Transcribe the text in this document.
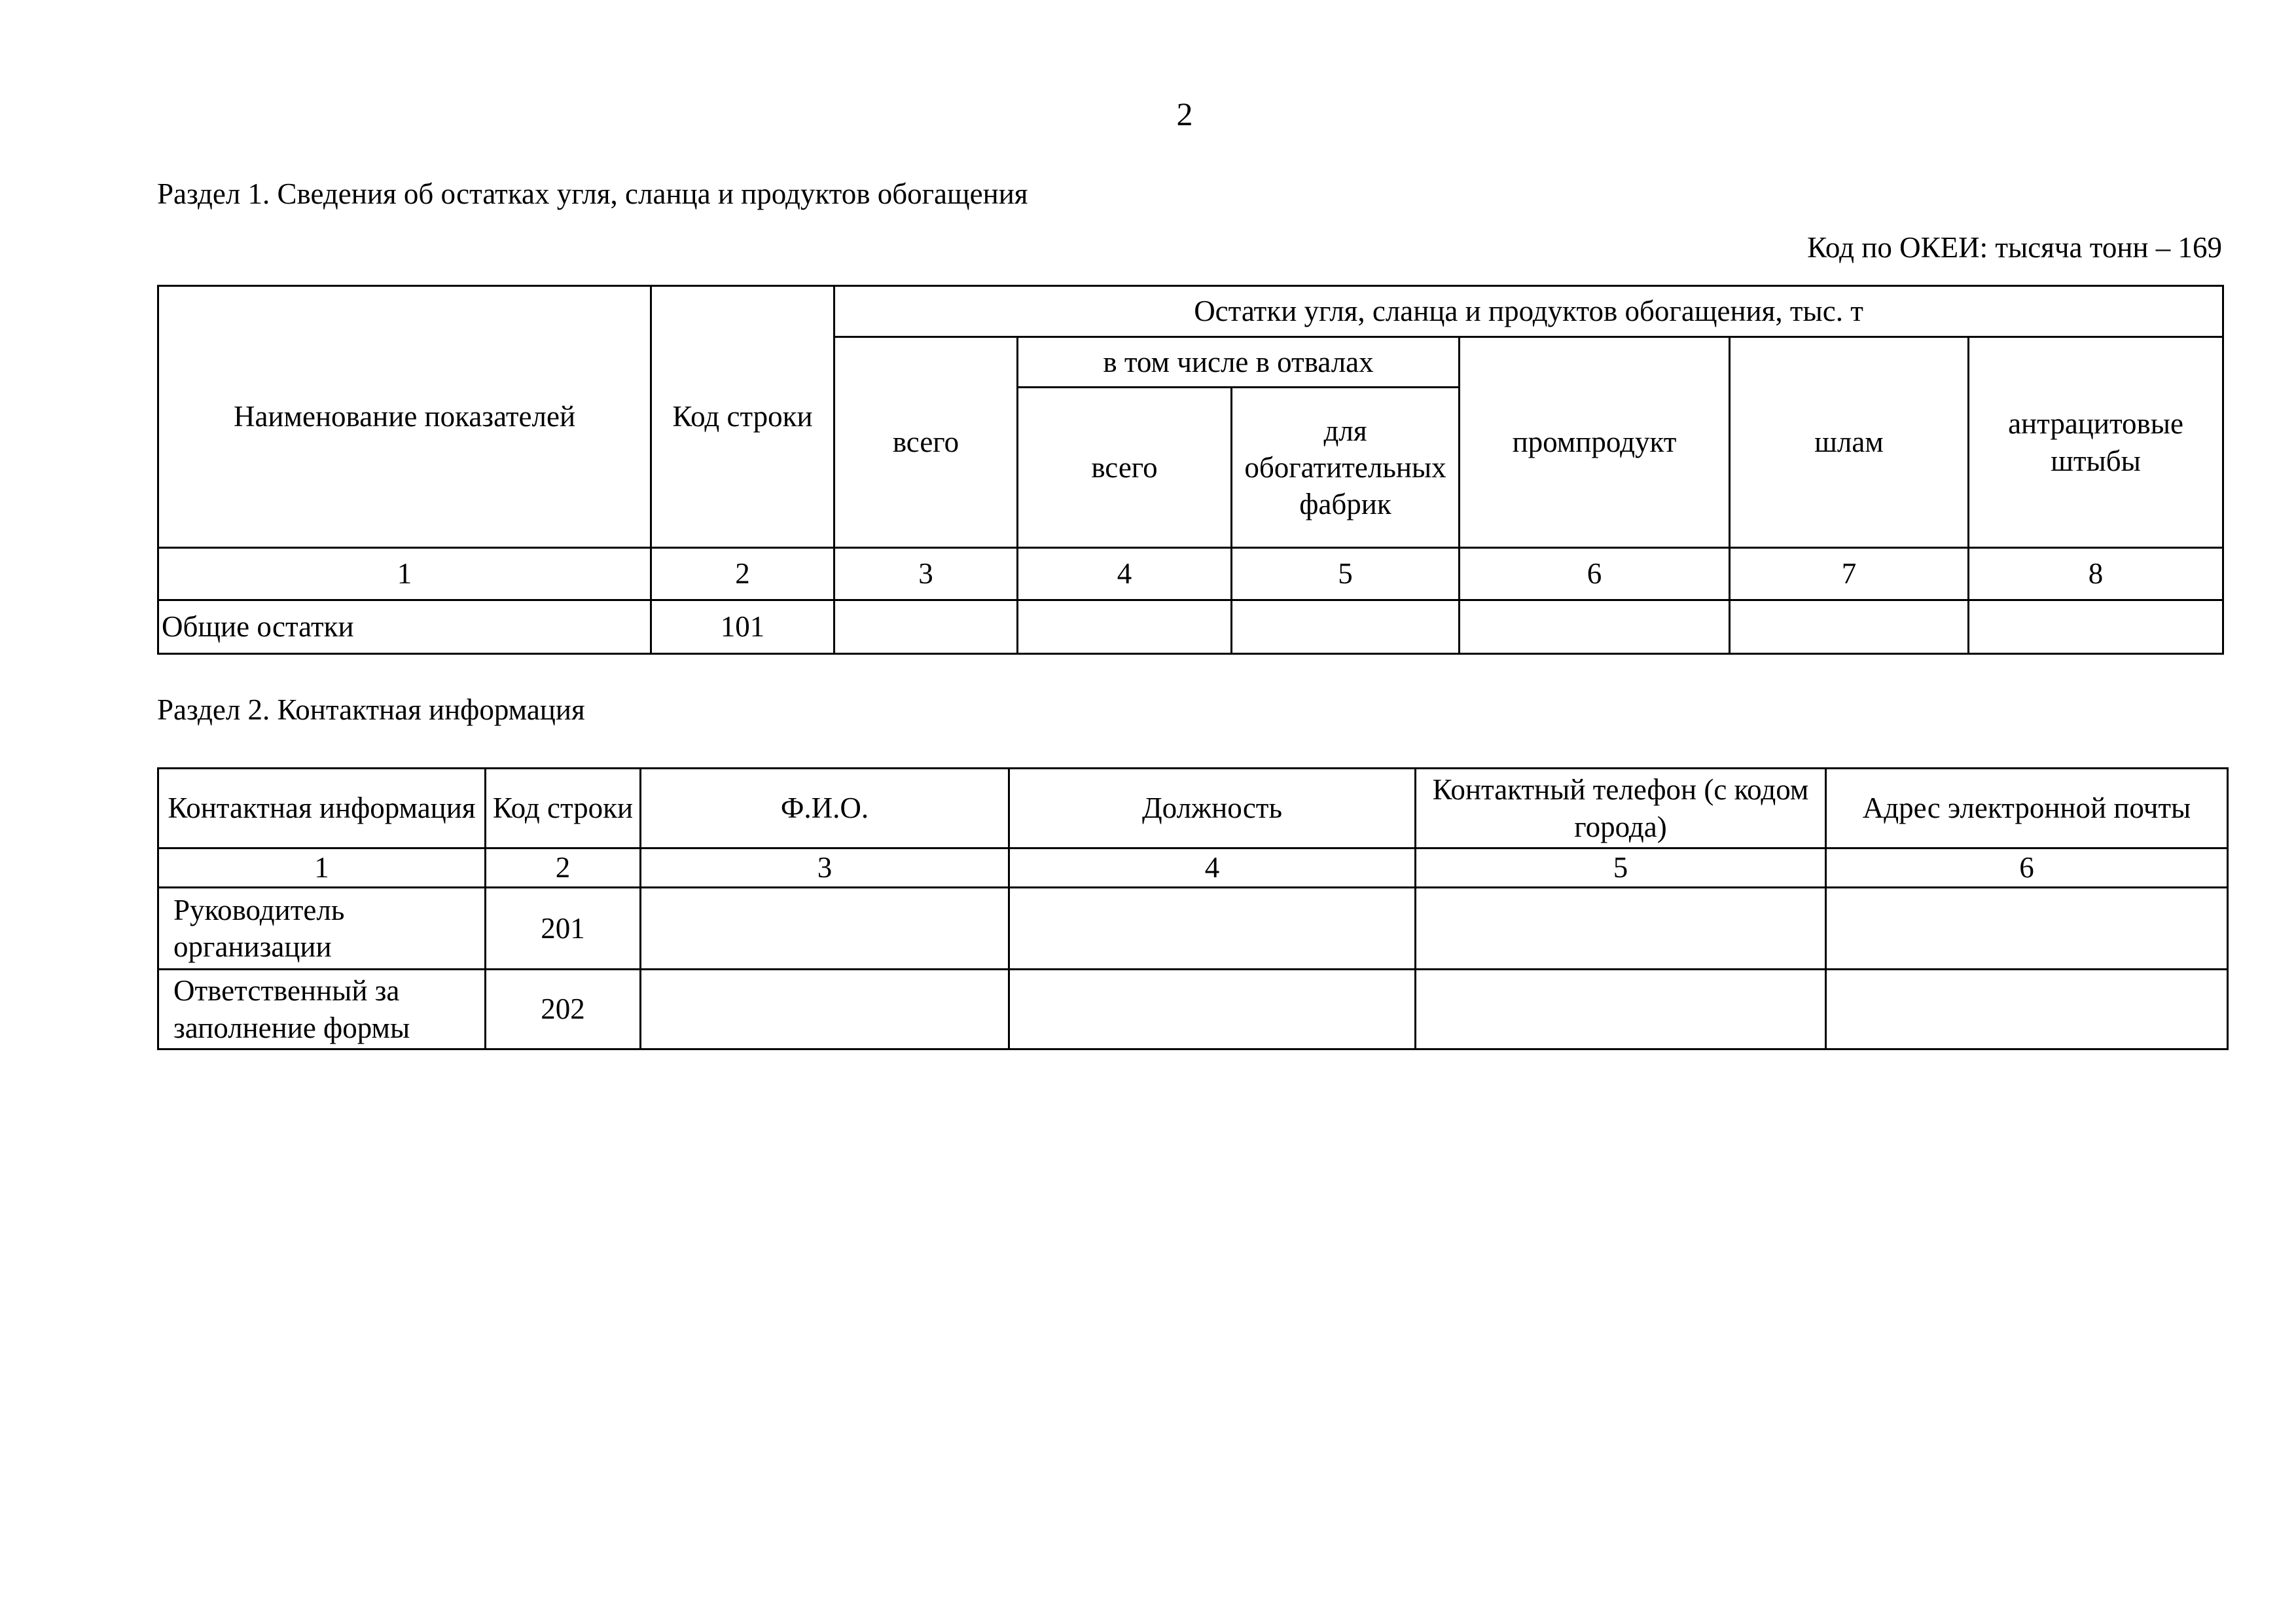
2
Раздел 1. Сведения об остатках угля, сланца и продуктов обогащения
Код по ОКЕИ: тысяча тонн – 169
Наименование показателей	Код строки	Остатки угля, сланца и продуктов обогащения, тыс. т					
		всего	в том числе в отвалах		промпродукт	шлам	антрацитовые штыбы
			всего	для обогатительных фабрик			
1	2	3	4	5	6	7	8
Общие остатки	101						
Раздел 2. Контактная информация
Контактная информация	Код строки	Ф.И.О.	Должность	Контактный телефон (с кодом города)	Адрес электронной почты
1	2	3	4	5	6
Руководитель организации	201				
Ответственный за заполнение формы	202				
